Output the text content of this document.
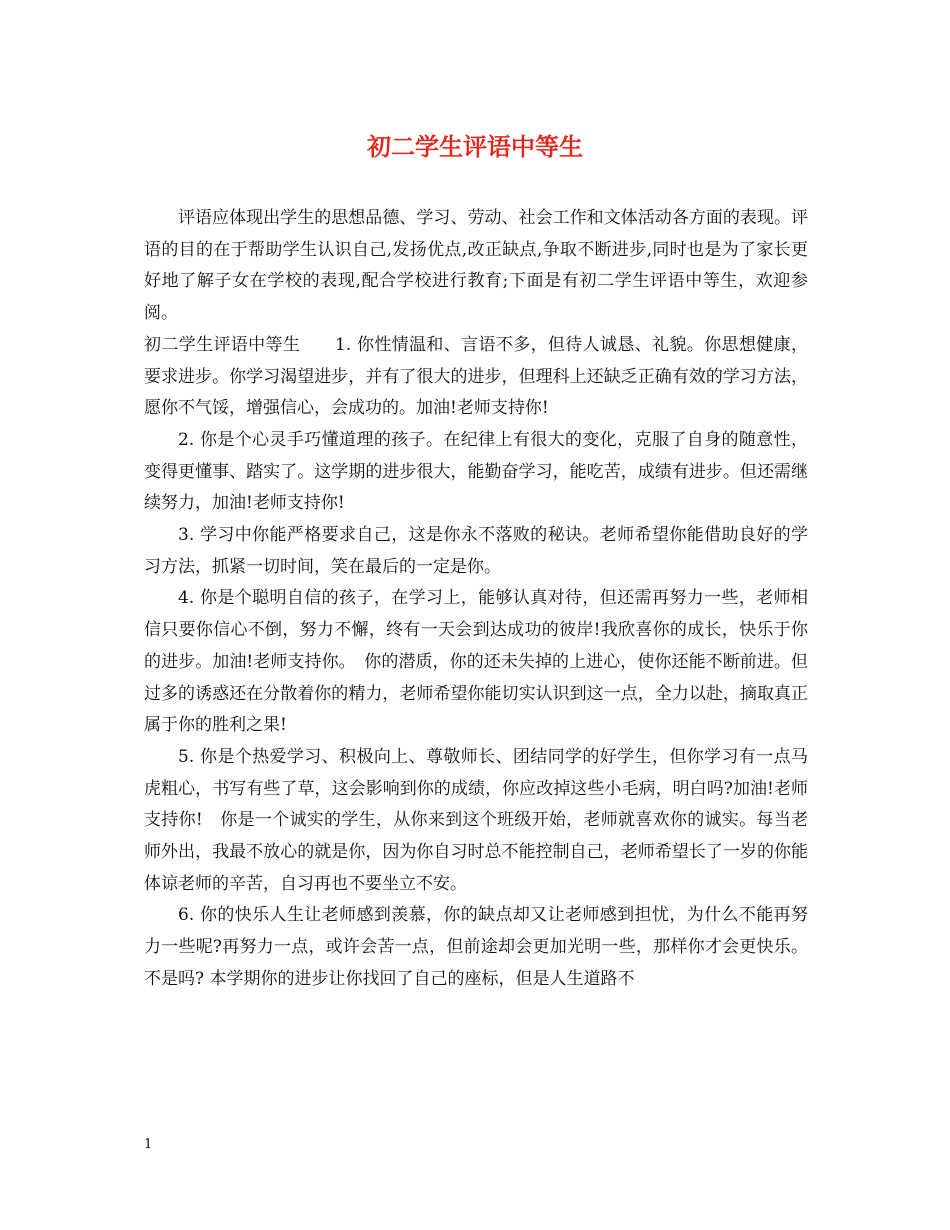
初二学生评语中等生

评语应体现出学生的思想品德、学习、劳动、社会工作和文体活动各方面的表现。评语的目的在于帮助学生认识自己,发扬优点,改正缺点,争取不断进步,同时也是为了家长更好地了解子女在学校的表现,配合学校进行教育;下面是有初二学生评语中等生，欢迎参阅。

初二学生评语中等生　　1. 你性情温和、言语不多，但待人诚恳、礼貌。你思想健康，要求进步。你学习渴望进步，并有了很大的进步，但理科上还缺乏正确有效的学习方法，愿你不气馁，增强信心，会成功的。加油!老师支持你!

2. 你是个心灵手巧懂道理的孩子。在纪律上有很大的变化，克服了自身的随意性，变得更懂事、踏实了。这学期的进步很大，能勤奋学习，能吃苦，成绩有进步。但还需继续努力，加油!老师支持你!

3. 学习中你能严格要求自己，这是你永不落败的秘诀。老师希望你能借助良好的学习方法，抓紧一切时间，笑在最后的一定是你。

4. 你是个聪明自信的孩子，在学习上，能够认真对待，但还需再努力一些，老师相信只要你信心不倒，努力不懈，终有一天会到达成功的彼岸!我欣喜你的成长，快乐于你的进步。加油!老师支持你。　你的潜质，你的还未失掉的上进心，使你还能不断前进。但过多的诱惑还在分散着你的精力，老师希望你能切实认识到这一点，全力以赴，摘取真正属于你的胜利之果!

5. 你是个热爱学习、积极向上、尊敬师长、团结同学的好学生，但你学习有一点马虎粗心，书写有些了草，这会影响到你的成绩，你应改掉这些小毛病，明白吗?加油!老师支持你!　你是一个诚实的学生，从你来到这个班级开始，老师就喜欢你的诚实。每当老师外出，我最不放心的就是你，因为你自习时总不能控制自己，老师希望长了一岁的你能体谅老师的辛苦，自习再也不要坐立不安。

6. 你的快乐人生让老师感到羡慕，你的缺点却又让老师感到担忧，为什么不能再努力一些呢?再努力一点，或许会苦一点，但前途却会更加光明一些，那样你才会更快乐。不是吗? 本学期你的进步让你找回了自己的座标，但是人生道路不

1
